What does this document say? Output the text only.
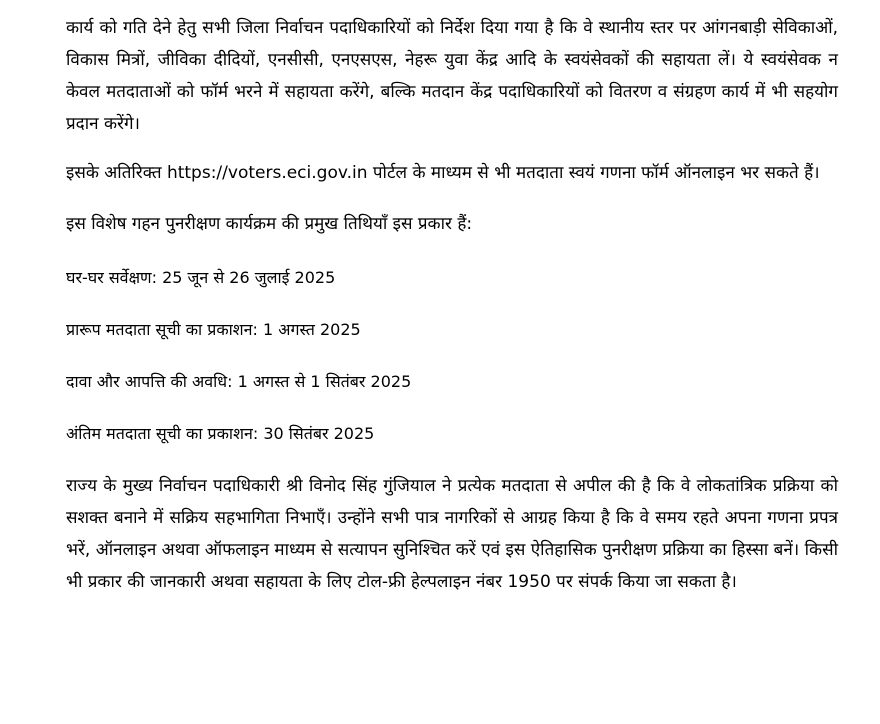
कार्य को गति देने हेतु सभी जिला निर्वाचन पदाधिकारियों को निर्देश दिया गया है कि वे स्थानीय स्तर पर आंगनबाड़ी सेविकाओं, विकास मित्रों, जीविका दीदियों, एनसीसी, एनएसएस, नेहरू युवा केंद्र आदि के स्वयंसेवकों की सहायता लें। ये स्वयंसेवक न केवल मतदाताओं को फॉर्म भरने में सहायता करेंगे, बल्कि मतदान केंद्र पदाधिकारियों को वितरण व संग्रहण कार्य में भी सहयोग प्रदान करेंगे।

इसके अतिरिक्त https://voters.eci.gov.in पोर्टल के माध्यम से भी मतदाता स्वयं गणना फॉर्म ऑनलाइन भर सकते हैं।

इस विशेष गहन पुनरीक्षण कार्यक्रम की प्रमुख तिथियाँ इस प्रकार हैं:

घर-घर सर्वेक्षण: 25 जून से 26 जुलाई 2025

प्रारूप मतदाता सूची का प्रकाशन: 1 अगस्त 2025

दावा और आपत्ति की अवधि: 1 अगस्त से 1 सितंबर 2025

अंतिम मतदाता सूची का प्रकाशन: 30 सितंबर 2025

राज्य के मुख्य निर्वाचन पदाधिकारी श्री विनोद सिंह गुंजियाल ने प्रत्येक मतदाता से अपील की है कि वे लोकतांत्रिक प्रक्रिया को सशक्त बनाने में सक्रिय सहभागिता निभाएँ। उन्होंने सभी पात्र नागरिकों से आग्रह किया है कि वे समय रहते अपना गणना प्रपत्र भरें, ऑनलाइन अथवा ऑफलाइन माध्यम से सत्यापन सुनिश्चित करें एवं इस ऐतिहासिक पुनरीक्षण प्रक्रिया का हिस्सा बनें। किसी भी प्रकार की जानकारी अथवा सहायता के लिए टोल-फ्री हेल्पलाइन नंबर 1950 पर संपर्क किया जा सकता है।
